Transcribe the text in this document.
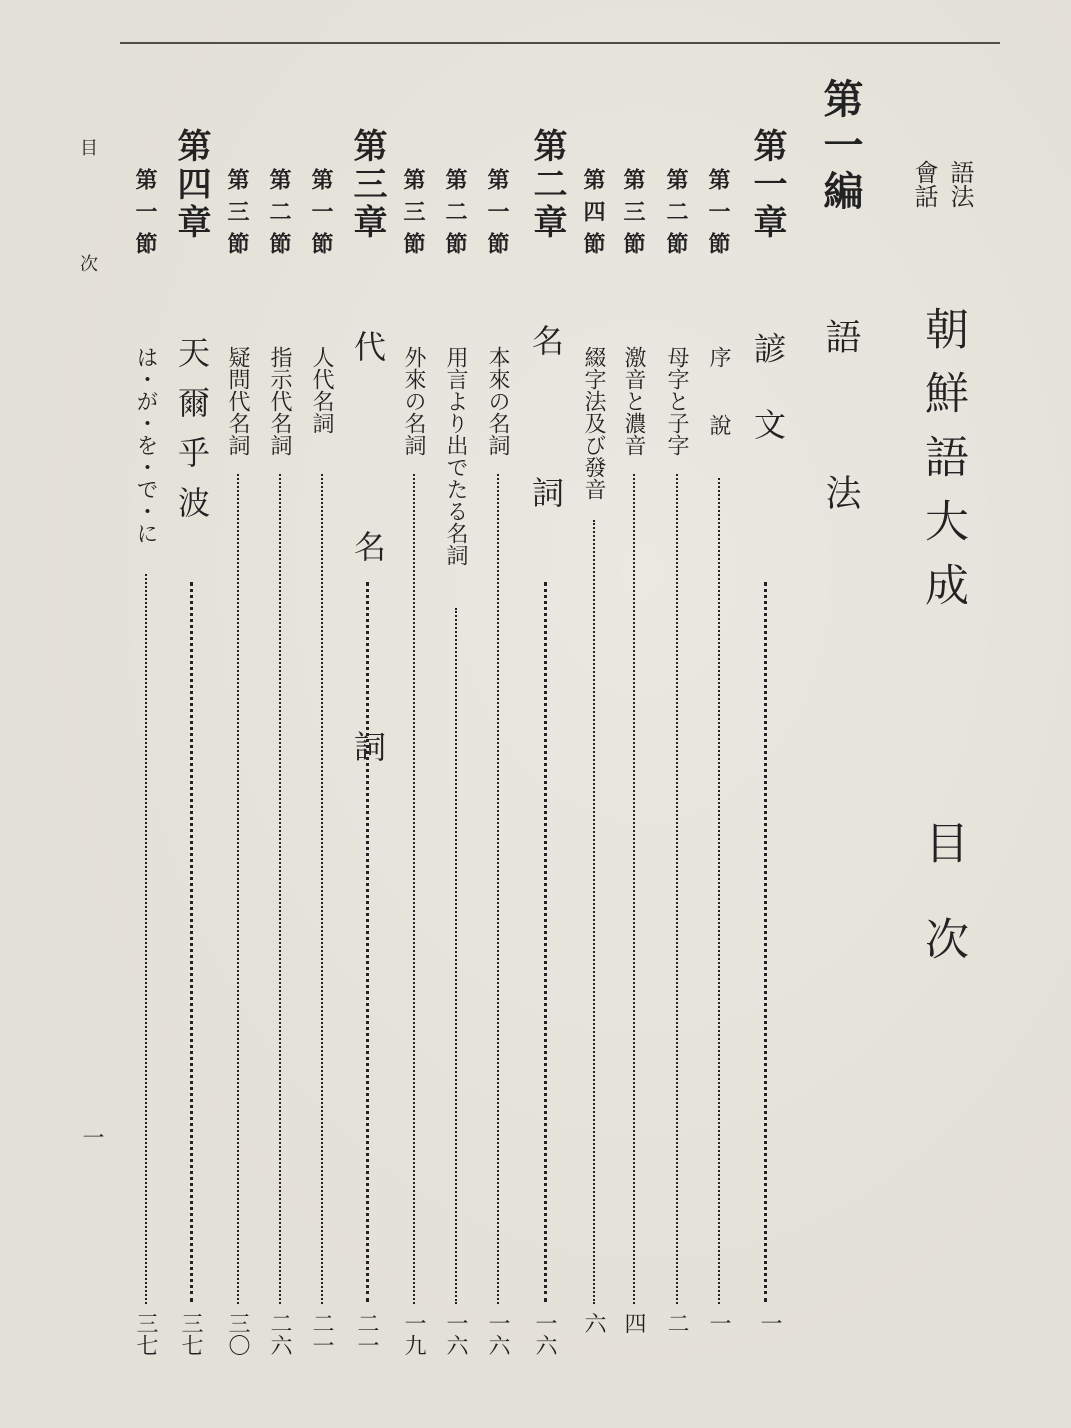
語法
會話
朝鮮語大成
目次
第一編
語法
第一章
諺　文
一
第一節
序　說
一
第二節
母字と子字
二
第三節
激音と濃音
四
第四節
綴字法及び發音
六
第二章
名　詞
一六
第一節
本來の名詞
一六
第二節
用言より出でたる名詞
一六
第三節
外來の名詞
一九
第三章
代　名　詞
二一
第一節
人代名詞
二一
第二節
指示代名詞
二六
第三節
疑問代名詞
三〇
第四章
天爾乎波
三七
第一節
は・が・を・で・に
三七
目　次
一
